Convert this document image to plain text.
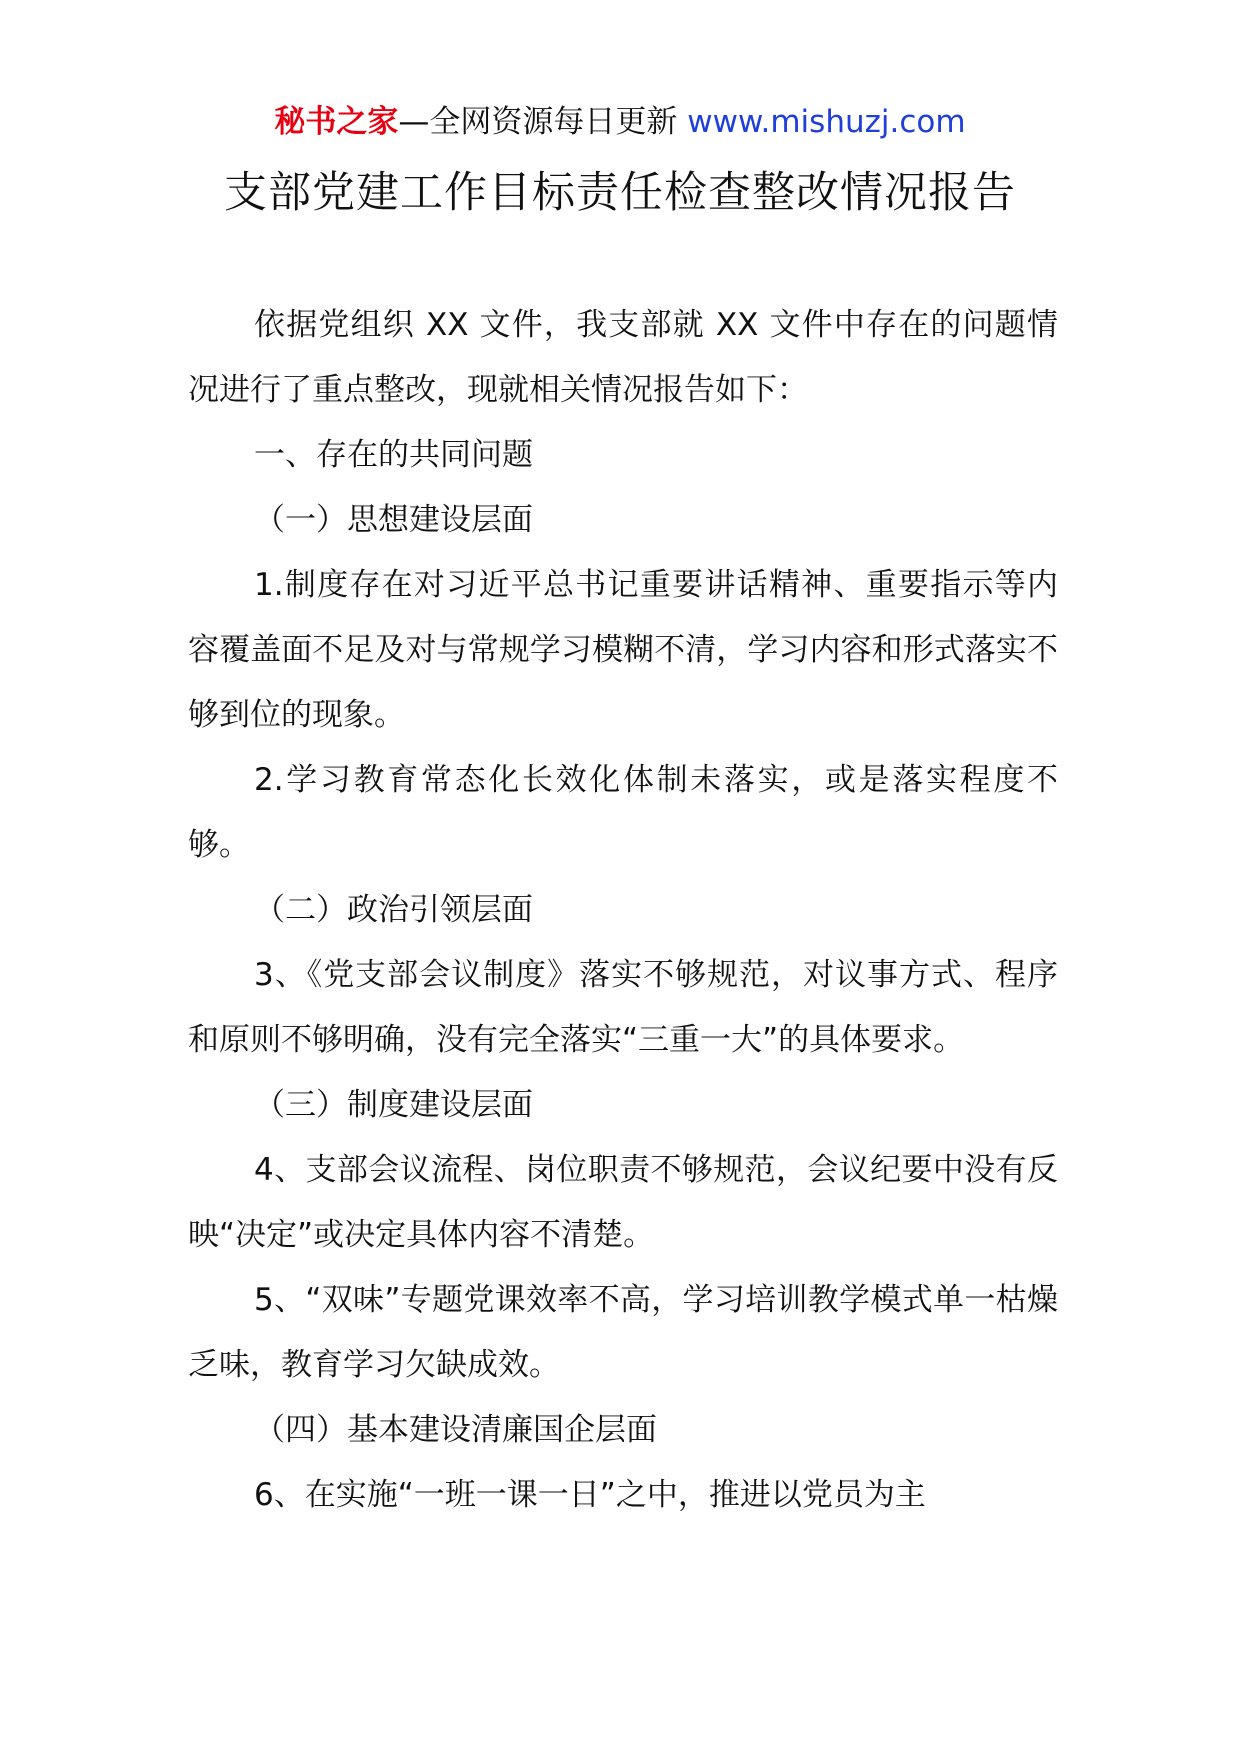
秘书之家—全网资源每日更新 www.mishuzj.com
支部党建工作目标责任检查整改情况报告

依据党组织 XX 文件，我支部就 XX 文件中存在的问题情况进行了重点整改，现就相关情况报告如下：

一、存在的共同问题

（一）思想建设层面

1.制度存在对习近平总书记重要讲话精神、重要指示等内容覆盖面不足及对与常规学习模糊不清，学习内容和形式落实不够到位的现象。

2.学习教育常态化长效化体制未落实，或是落实程度不够。

（二）政治引领层面

3、《党支部会议制度》落实不够规范，对议事方式、程序和原则不够明确，没有完全落实“三重一大”的具体要求。

（三）制度建设层面

4、支部会议流程、岗位职责不够规范，会议纪要中没有反映“决定”或决定具体内容不清楚。

5、“双味”专题党课效率不高，学习培训教学模式单一枯燥乏味，教育学习欠缺成效。

（四）基本建设清廉国企层面

6、在实施“一班一课一日”之中，推进以党员为主
